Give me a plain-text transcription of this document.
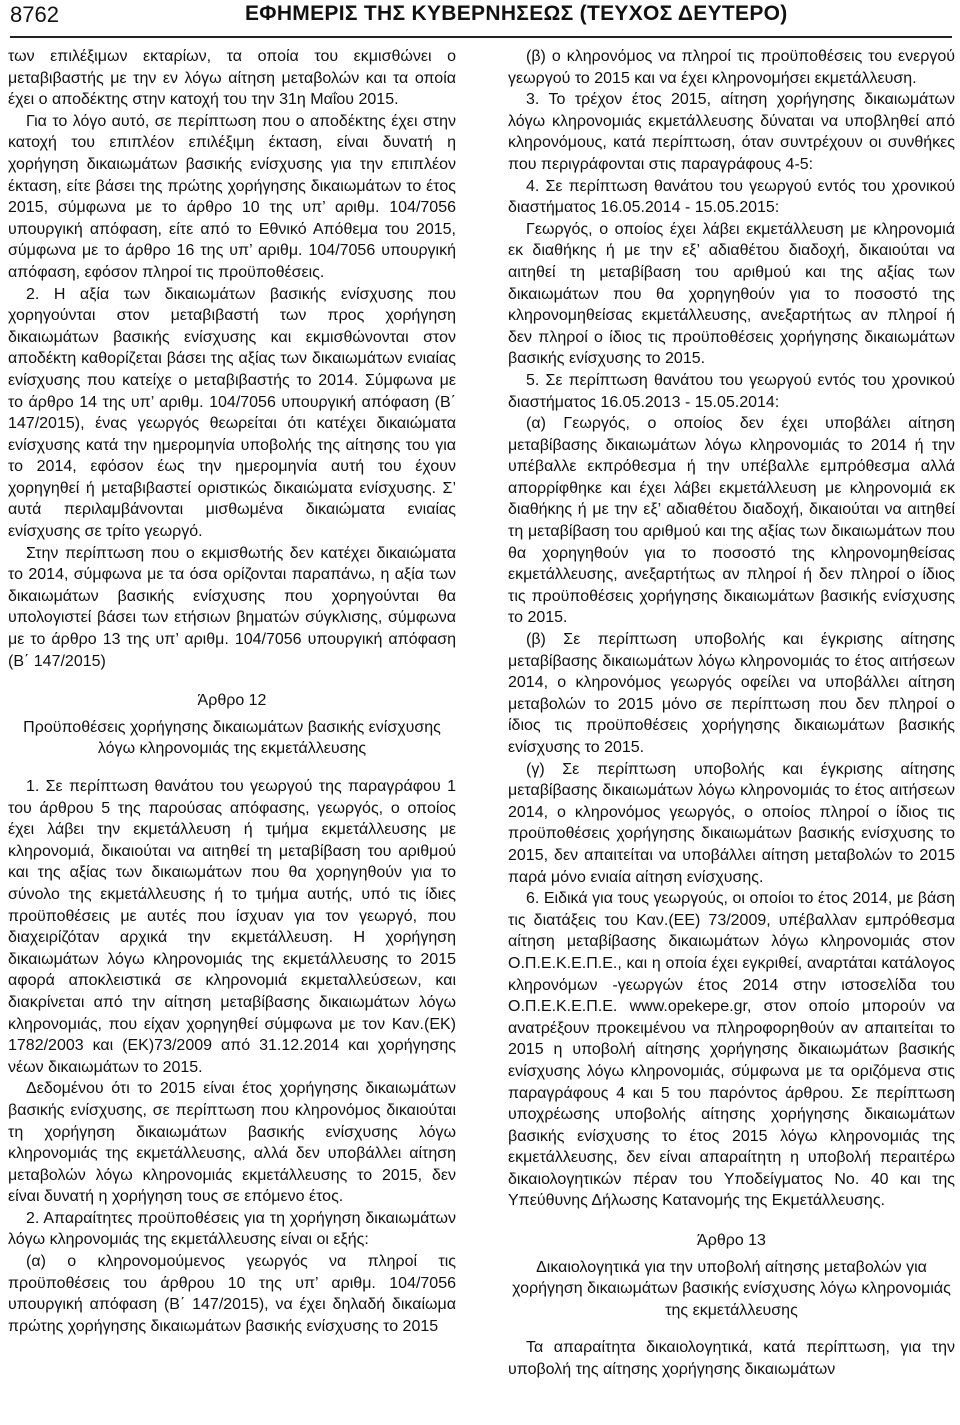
8762	ΕΦΗΜΕΡΙΣ ΤΗΣ ΚΥΒΕΡΝΗΣΕΩΣ (ΤΕΥΧΟΣ ΔΕΥΤΕΡΟ)

των επιλέξιμων εκταρίων, τα οποία του εκμισθώνει ο μεταβιβαστής με την εν λόγω αίτηση μεταβολών και τα οποία έχει ο αποδέκτης στην κατοχή του την 31η Μαΐου 2015.

Για το λόγο αυτό, σε περίπτωση που ο αποδέκτης έχει στην κατοχή του επιπλέον επιλέξιμη έκταση, είναι δυνατή η χορήγηση δικαιωμάτων βασικής ενίσχυσης για την επιπλέον έκταση, είτε βάσει της πρώτης χορήγησης δικαιωμάτων το έτος 2015, σύμφωνα με το άρθρο 10 της υπ’ αριθμ. 104/7056 υπουργική απόφαση, είτε από το Εθνικό Απόθεμα του 2015, σύμφωνα με το άρθρο 16 της υπ’ αριθμ. 104/7056 υπουργική απόφαση, εφόσον πληροί τις προϋποθέσεις.

2. Η αξία των δικαιωμάτων βασικής ενίσχυσης που χορηγούνται στον μεταβιβαστή των προς χορήγηση δικαιωμάτων βασικής ενίσχυσης και εκμισθώνονται στον αποδέκτη καθορίζεται βάσει της αξίας των δικαιωμάτων ενιαίας ενίσχυσης που κατείχε ο μεταβιβαστής το 2014. Σύμφωνα με το άρθρο 14 της υπ’ αριθμ. 104/7056 υπουργική απόφαση (Β΄ 147/2015), ένας γεωργός θεωρείται ότι κατέχει δικαιώματα ενίσχυσης κατά την ημερομηνία υποβολής της αίτησης του για το 2014, εφόσον έως την ημερομηνία αυτή του έχουν χορηγηθεί ή μεταβιβαστεί οριστικώς δικαιώματα ενίσχυσης. Σ’ αυτά περιλαμβάνονται μισθωμένα δικαιώματα ενιαίας ενίσχυσης σε τρίτο γεωργό.

Στην περίπτωση που ο εκμισθωτής δεν κατέχει δικαιώματα το 2014, σύμφωνα με τα όσα ορίζονται παραπάνω, η αξία των δικαιωμάτων βασικής ενίσχυσης που χορηγούνται θα υπολογιστεί βάσει των ετήσιων βηματών σύγκλισης, σύμφωνα με το άρθρο 13 της υπ’ αριθμ. 104/7056 υπουργική απόφαση (Β΄ 147/2015)

Άρθρο 12

Προϋποθέσεις χορήγησης δικαιωμάτων βασικής ενίσχυσης λόγω κληρονομιάς της εκμετάλλευσης

1. Σε περίπτωση θανάτου του γεωργού της παραγράφου 1 του άρθρου 5 της παρούσας απόφασης, γεωργός, ο οποίος έχει λάβει την εκμετάλλευση ή τμήμα εκμετάλλευσης με κληρονομιά, δικαιούται να αιτηθεί τη μεταβίβαση του αριθμού και της αξίας των δικαιωμάτων που θα χορηγηθούν για το σύνολο της εκμετάλλευσης ή το τμήμα αυτής, υπό τις ίδιες προϋποθέσεις με αυτές που ίσχυαν για τον γεωργό, που διαχειρίζόταν αρχικά την εκμετάλλευση. Η χορήγηση δικαιωμάτων λόγω κληρονομιάς της εκμετάλλευσης το 2015 αφορά αποκλειστικά σε κληρονομιά εκμεταλλεύσεων, και διακρίνεται από την αίτηση μεταβίβασης δικαιωμάτων λόγω κληρονομιάς, που είχαν χορηγηθεί σύμφωνα με τον Καν.(ΕΚ) 1782/2003 και (ΕΚ)73/2009 από 31.12.2014 και χορήγησης νέων δικαιωμάτων το 2015.

Δεδομένου ότι το 2015 είναι έτος χορήγησης δικαιωμάτων βασικής ενίσχυσης, σε περίπτωση που κληρονόμος δικαιούται τη χορήγηση δικαιωμάτων βασικής ενίσχυσης λόγω κληρονομιάς της εκμετάλλευσης, αλλά δεν υποβάλλει αίτηση μεταβολών λόγω κληρονομιάς εκμετάλλευσης το 2015, δεν είναι δυνατή η χορήγηση τους σε επόμενο έτος.

2. Απαραίτητες προϋποθέσεις για τη χορήγηση δικαιωμάτων λόγω κληρονομιάς της εκμετάλλευσης είναι οι εξής:

(α) ο κληρονομούμενος γεωργός να πληροί τις προϋποθέσεις του άρθρου 10 της υπ’ αριθμ. 104/7056 υπουργική απόφαση (Β΄ 147/2015), να έχει δηλαδή δικαίωμα πρώτης χορήγησης δικαιωμάτων βασικής ενίσχυσης το 2015

(β) ο κληρονόμος να πληροί τις προϋποθέσεις του ενεργού γεωργού το 2015 και να έχει κληρονομήσει εκμετάλλευση.

3. Το τρέχον έτος 2015, αίτηση χορήγησης δικαιωμάτων λόγω κληρονομιάς εκμετάλλευσης δύναται να υποβληθεί από κληρονόμους, κατά περίπτωση, όταν συντρέχουν οι συνθήκες που περιγράφονται στις παραγράφους 4-5:

4. Σε περίπτωση θανάτου του γεωργού εντός του χρονικού διαστήματος 16.05.2014 - 15.05.2015:

Γεωργός, ο οποίος έχει λάβει εκμετάλλευση με κληρονομιά εκ διαθήκης ή με την εξ’ αδιαθέτου διαδοχή, δικαιούται να αιτηθεί τη μεταβίβαση του αριθμού και της αξίας των δικαιωμάτων που θα χορηγηθούν για το ποσοστό της κληρονομηθείσας εκμετάλλευσης, ανεξαρτήτως αν πληροί ή δεν πληροί ο ίδιος τις προϋποθέσεις χορήγησης δικαιωμάτων βασικής ενίσχυσης το 2015.

5. Σε περίπτωση θανάτου του γεωργού εντός του χρονικού διαστήματος 16.05.2013 - 15.05.2014:

(α) Γεωργός, ο οποίος δεν έχει υποβάλει αίτηση μεταβίβασης δικαιωμάτων λόγω κληρονομιάς το 2014 ή την υπέβαλλε εκπρόθεσμα ή την υπέβαλλε εμπρόθεσμα αλλά απορρίφθηκε και έχει λάβει εκμετάλλευση με κληρονομιά εκ διαθήκης ή με την εξ’ αδιαθέτου διαδοχή, δικαιούται να αιτηθεί τη μεταβίβαση του αριθμού και της αξίας των δικαιωμάτων που θα χορηγηθούν για το ποσοστό της κληρονομηθείσας εκμετάλλευσης, ανεξαρτήτως αν πληροί ή δεν πληροί ο ίδιος τις προϋποθέσεις χορήγησης δικαιωμάτων βασικής ενίσχυσης το 2015.

(β) Σε περίπτωση υποβολής και έγκρισης αίτησης μεταβίβασης δικαιωμάτων λόγω κληρονομιάς το έτος αιτήσεων 2014, ο κληρονόμος γεωργός οφείλει να υποβάλλει αίτηση μεταβολών το 2015 μόνο σε περίπτωση που δεν πληροί ο ίδιος τις προϋποθέσεις χορήγησης δικαιωμάτων βασικής ενίσχυσης το 2015.

(γ) Σε περίπτωση υποβολής και έγκρισης αίτησης μεταβίβασης δικαιωμάτων λόγω κληρονομιάς το έτος αιτήσεων 2014, ο κληρονόμος γεωργός, ο οποίος πληροί ο ίδιος τις προϋποθέσεις χορήγησης δικαιωμάτων βασικής ενίσχυσης το 2015, δεν απαιτείται να υποβάλλει αίτηση μεταβολών το 2015 παρά μόνο ενιαία αίτηση ενίσχυσης.

6. Ειδικά για τους γεωργούς, οι οποίοι το έτος 2014, με βάση τις διατάξεις του Καν.(ΕΕ) 73/2009, υπέβαλλαν εμπρόθεσμα αίτηση μεταβίβασης δικαιωμάτων λόγω κληρονομιάς στον Ο.Π.Ε.Κ.Ε.Π.Ε., και η οποία έχει εγκριθεί, αναρτάται κατάλογος κληρονόμων -γεωργών έτος 2014 στην ιστοσελίδα του Ο.Π.Ε.Κ.Ε.Π.Ε. www.opekepe.gr, στον οποίο μπορούν να ανατρέξουν προκειμένου να πληροφορηθούν αν απαιτείται το 2015 η υποβολή αίτησης χορήγησης δικαιωμάτων βασικής ενίσχυσης λόγω κληρονομιάς, σύμφωνα με τα οριζόμενα στις παραγράφους 4 και 5 του παρόντος άρθρου. Σε περίπτωση υποχρέωσης υποβολής αίτησης χορήγησης δικαιωμάτων βασικής ενίσχυσης το έτος 2015 λόγω κληρονομιάς της εκμετάλλευσης, δεν είναι απαραίτητη η υποβολή περαιτέρω δικαιολογητικών πέραν του Υποδείγματος Νο. 40 και της Υπεύθυνης Δήλωσης Κατανομής της Εκμετάλλευσης.

Άρθρο 13

Δικαιολογητικά για την υποβολή αίτησης μεταβολών για χορήγηση δικαιωμάτων βασικής ενίσχυσης λόγω κληρονομιάς της εκμετάλλευσης

Τα απαραίτητα δικαιολογητικά, κατά περίπτωση, για την υποβολή της αίτησης χορήγησης δικαιωμάτων
